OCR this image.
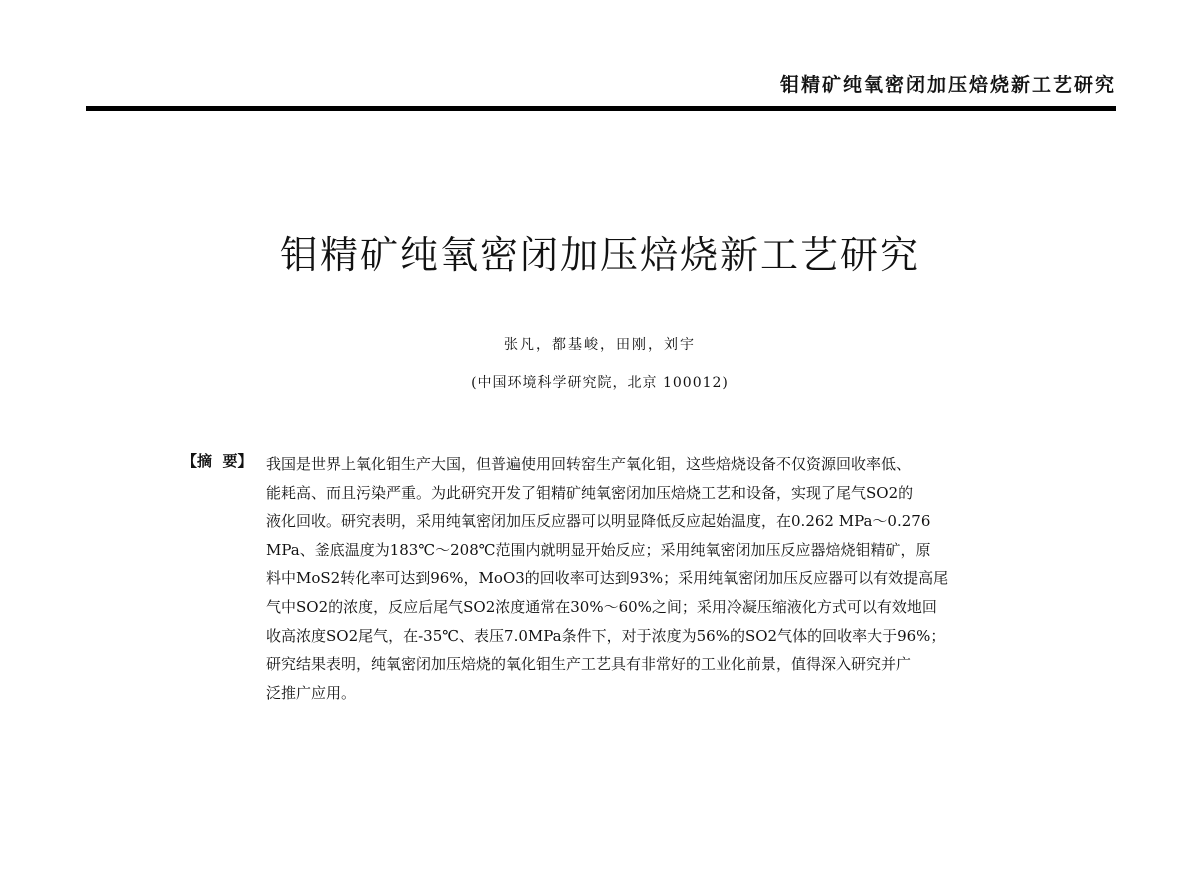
钼精矿纯氧密闭加压焙烧新工艺研究
钼精矿纯氧密闭加压焙烧新工艺研究
张凡，都基峻，田刚，刘宇
(中国环境科学研究院，北京 100012)
【摘  要】 我国是世界上氧化钼生产大国，但普遍使用回转窑生产氧化钼，这些焙烧设备不仅资源回收率低、
能耗高、而且污染严重。为此研究开发了钼精矿纯氧密闭加压焙烧工艺和设备，实现了尾气SO2的
液化回收。研究表明，采用纯氧密闭加压反应器可以明显降低反应起始温度，在0.262 MPa～0.276
MPa、釜底温度为183℃～208℃范围内就明显开始反应；采用纯氧密闭加压反应器焙烧钼精矿，原
料中MoS2转化率可达到96%，MoO3的回收率可达到93%；采用纯氧密闭加压反应器可以有效提高尾
气中SO2的浓度，反应后尾气SO2浓度通常在30%～60%之间；采用冷凝压缩液化方式可以有效地回
收高浓度SO2尾气，在-35℃、表压7.0MPa条件下，对于浓度为56%的SO2气体的回收率大于96%；
研究结果表明，纯氧密闭加压焙烧的氧化钼生产工艺具有非常好的工业化前景，值得深入研究并广
泛推广应用。
